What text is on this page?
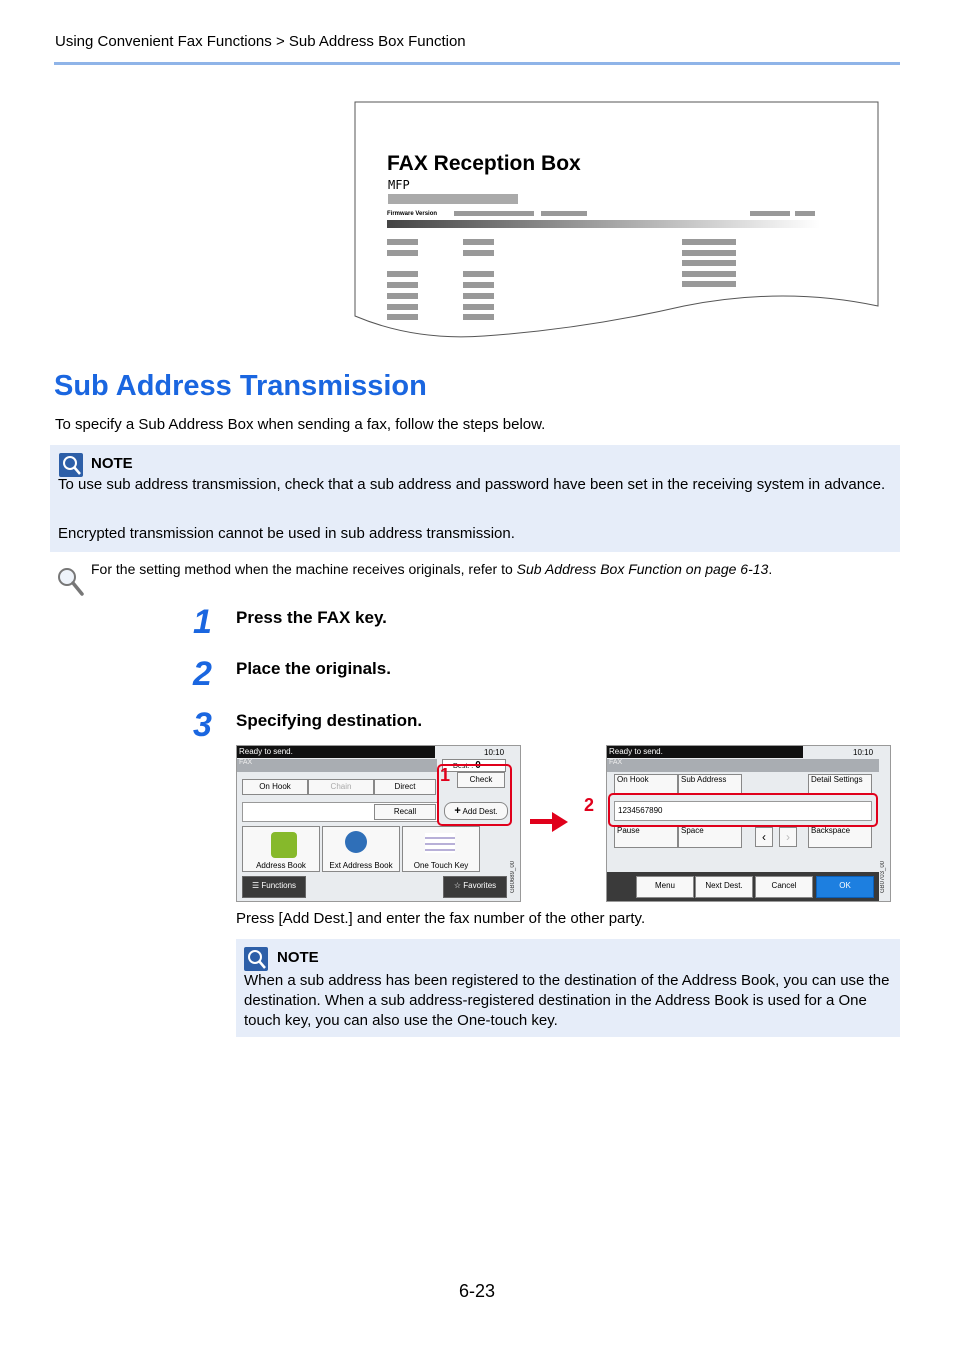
Using Convenient Fax Functions > Sub Address Box Function
FAX Reception Box
MFP
Firmware Version
Sub Address Transmission
To specify a Sub Address Box when sending a fax, follow the steps below.
NOTE
To use sub address transmission, check that a sub address and password have been set in the receiving system in advance.
Encrypted transmission cannot be used in sub address transmission.
For the setting method when the machine receives originals, refer to Sub Address Box Function on page 6-13.
1 Press the FAX key.
2 Place the originals.
3 Specifying destination.
Ready to send.	10:10
FAX
Dest. : 0
On Hook	Chain	Direct
Check
Recall	+ Add Dest.
Address Book	Ext Address Book	One Touch Key
☰ Functions	☆ Favorites	GB0689_00
1
Ready to send.	10:10
FAX
On Hook	Sub Address	Detail Settings
1234567890
Pause	Space	‹	›	Backspace
Menu	Next Dest.	Cancel	OK	GB0703_00
2
Press [Add Dest.] and enter the fax number of the other party.
NOTE
When a sub address has been registered to the destination of the Address Book, you can use the destination. When a sub address-registered destination in the Address Book is used for a One touch key, you can also use the One-touch key.
6-23
